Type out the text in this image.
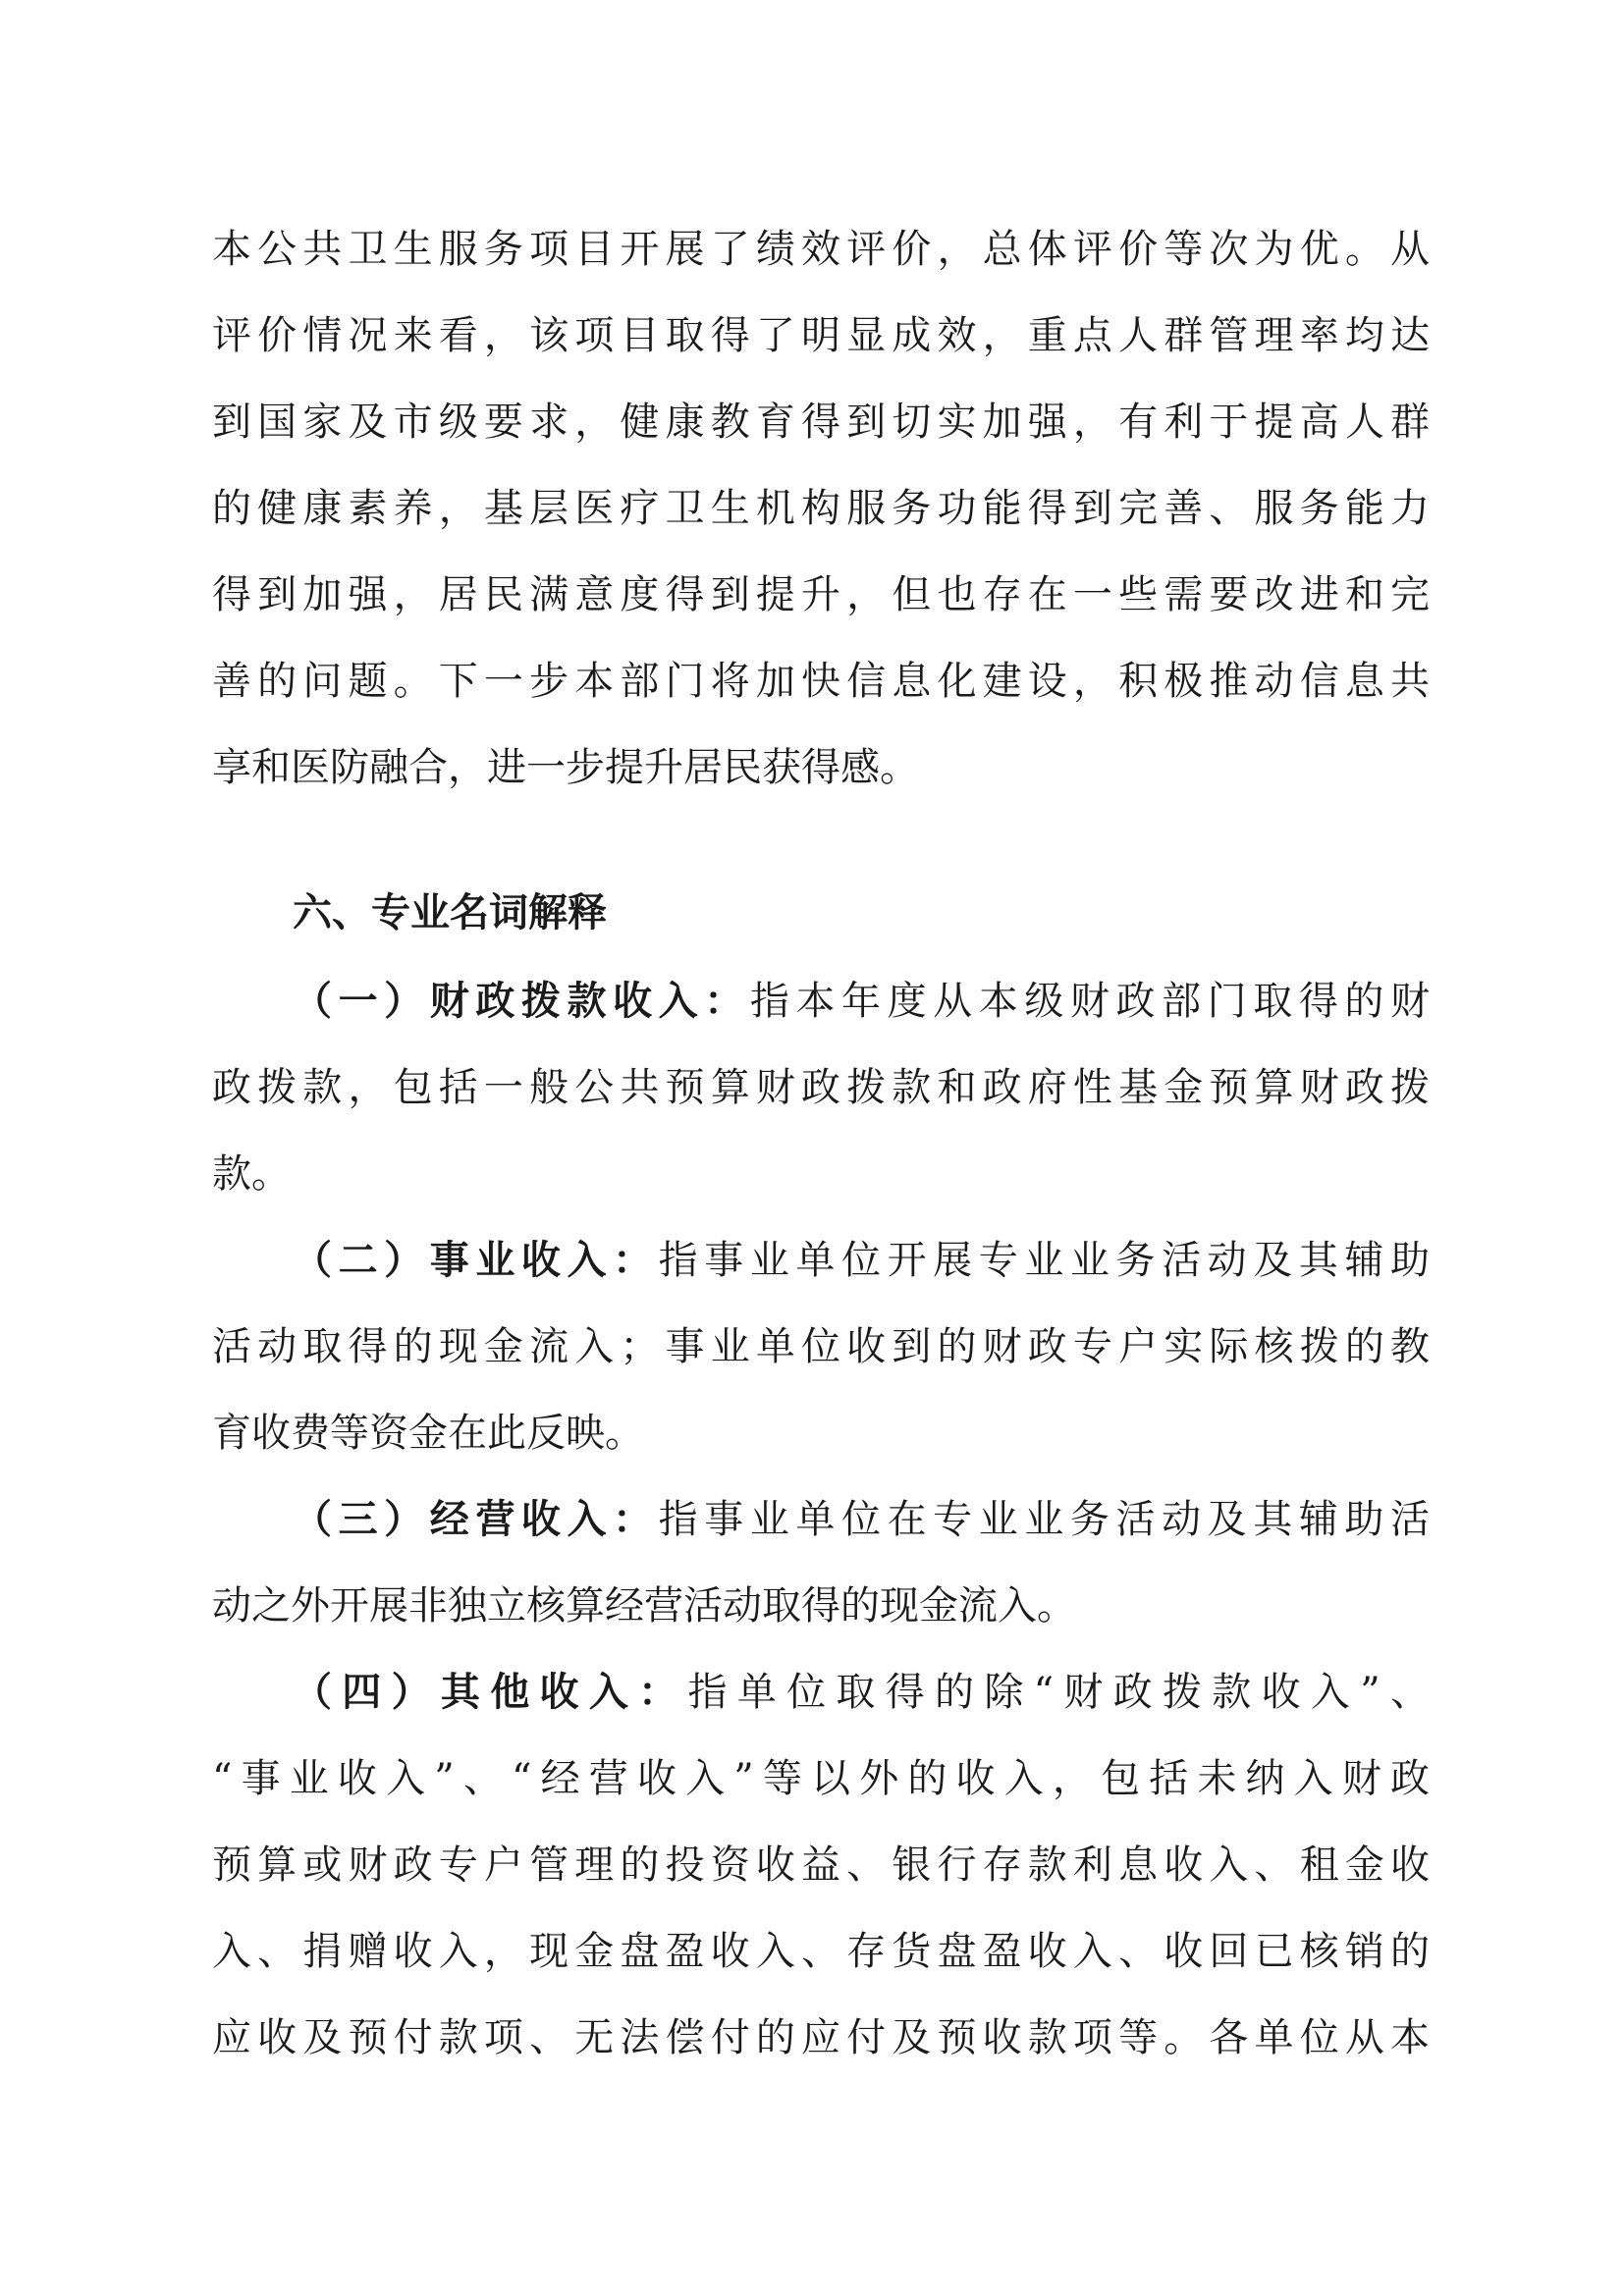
本公共卫生服务项目开展了绩效评价，总体评价等次为优。从
评价情况来看，该项目取得了明显成效，重点人群管理率均达
到国家及市级要求，健康教育得到切实加强，有利于提高人群
的健康素养，基层医疗卫生机构服务功能得到完善、服务能力
得到加强，居民满意度得到提升，但也存在一些需要改进和完
善的问题。下一步本部门将加快信息化建设，积极推动信息共
享和医防融合，进一步提升居民获得感。
六、专业名词解释
（一）财政拨款收入：指本年度从本级财政部门取得的财
政拨款，包括一般公共预算财政拨款和政府性基金预算财政拨
款。
（二）事业收入：指事业单位开展专业业务活动及其辅助
活动取得的现金流入；事业单位收到的财政专户实际核拨的教
育收费等资金在此反映。
（三）经营收入：指事业单位在专业业务活动及其辅助活
动之外开展非独立核算经营活动取得的现金流入。
（四）其他收入：指单位取得的除“财政拨款收入”、
“事业收入”、“经营收入”等以外的收入，包括未纳入财政
预算或财政专户管理的投资收益、银行存款利息收入、租金收
入、捐赠收入，现金盘盈收入、存货盘盈收入、收回已核销的
应收及预付款项、无法偿付的应付及预收款项等。各单位从本
